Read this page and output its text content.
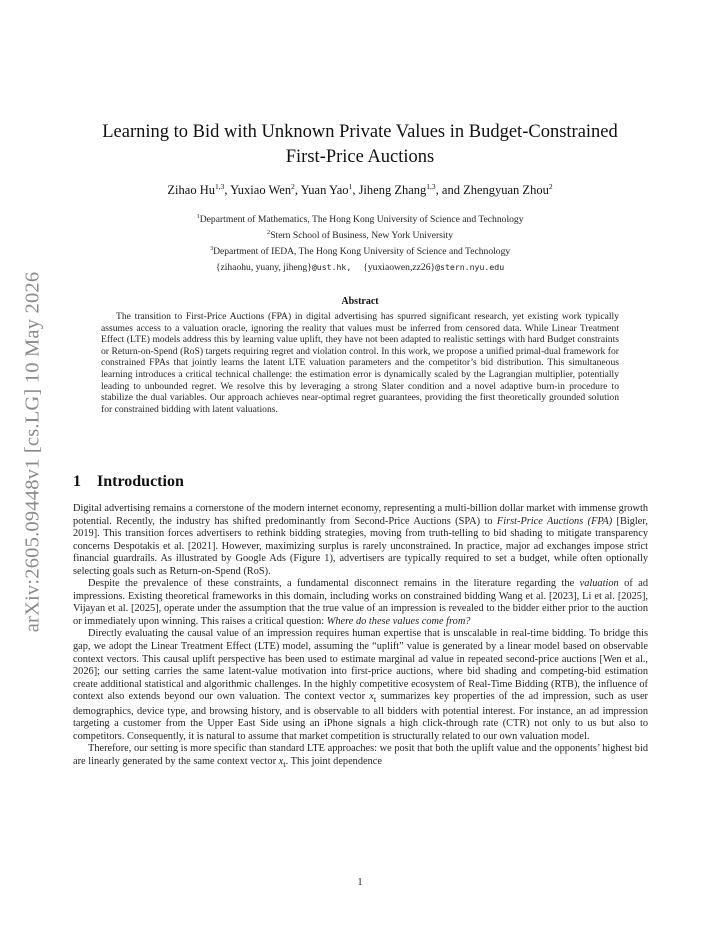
arXiv:2605.09448v1 [cs.LG] 10 May 2026
Learning to Bid with Unknown Private Values in Budget-Constrained
First-Price Auctions
Zihao Hu$^{1,3}$, Yuxiao Wen$^2$, Yuan Yao$^1$, Jiheng Zhang$^{1,3}$, and Zhengyuan Zhou$^2$
$^1$Department of Mathematics, The Hong Kong University of Science and Technology
$^2$Stern School of Business, New York University
$^3$Department of IEDA, The Hong Kong University of Science and Technology
{zihaohu, yuany, jiheng}@ust.hk, {yuxiaowen,zz26}@stern.nyu.edu
Abstract

The transition to First-Price Auctions (FPA) in digital advertising has spurred significant research, yet existing work typically assumes access to a valuation oracle, ignoring the reality that values must be inferred from censored data. While Linear Treatment Effect (LTE) models address this by learning value uplift, they have not been adapted to realistic settings with hard Budget constraints or Return-on-Spend (RoS) targets requiring regret and violation control. In this work, we propose a unified primal-dual framework for constrained FPAs that jointly learns the latent LTE valuation parameters and the competitor’s bid distribution. This simultaneous learning introduces a critical technical challenge: the estimation error is dynamically scaled by the Lagrangian multiplier, potentially leading to unbounded regret. We resolve this by leveraging a strong Slater condition and a novel adaptive burn-in procedure to stabilize the dual variables. Our approach achieves near-optimal regret guarantees, providing the first theoretically grounded solution for constrained bidding with latent valuations.

1 Introduction

Digital advertising remains a cornerstone of the modern internet economy, representing a multi-billion dollar market with immense growth potential. Recently, the industry has shifted predominantly from Second-Price Auctions (SPA) to First-Price Auctions (FPA) [Bigler, 2019]. This transition forces advertisers to rethink bidding strategies, moving from truth-telling to bid shading to mitigate transparency concerns Despotakis et al. [2021]. However, maximizing surplus is rarely unconstrained. In practice, major ad exchanges impose strict financial guardrails. As illustrated by Google Ads (Figure 1), advertisers are typically required to set a budget, while often optionally selecting goals such as Return-on-Spend (RoS).

Despite the prevalence of these constraints, a fundamental disconnect remains in the literature regarding the valuation of ad impressions. Existing theoretical frameworks in this domain, including works on constrained bidding Wang et al. [2023], Li et al. [2025], Vijayan et al. [2025], operate under the assumption that the true value of an impression is revealed to the bidder either prior to the auction or immediately upon winning. This raises a critical question: Where do these values come from?

Directly evaluating the causal value of an impression requires human expertise that is unscalable in real-time bidding. To bridge this gap, we adopt the Linear Treatment Effect (LTE) model, assuming the “uplift” value is generated by a linear model based on observable context vectors. This causal uplift perspective has been used to estimate marginal ad value in repeated second-price auctions [Wen et al., 2026]; our setting carries the same latent-value motivation into first-price auctions, where bid shading and competing-bid estimation create additional statistical and algorithmic challenges. In the highly competitive ecosystem of Real-Time Bidding (RTB), the influence of context also extends beyond our own valuation. The context vector $x_t$ summarizes key properties of the ad impression, such as user demographics, device type, and browsing history, and is observable to all bidders with potential interest. For instance, an ad impression targeting a customer from the Upper East Side using an iPhone signals a high click-through rate (CTR) not only to us but also to competitors. Consequently, it is natural to assume that market competition is structurally related to our own valuation model.

Therefore, our setting is more specific than standard LTE approaches: we posit that both the uplift value and the opponents’ highest bid are linearly generated by the same context vector $x_t$. This joint dependence

1
